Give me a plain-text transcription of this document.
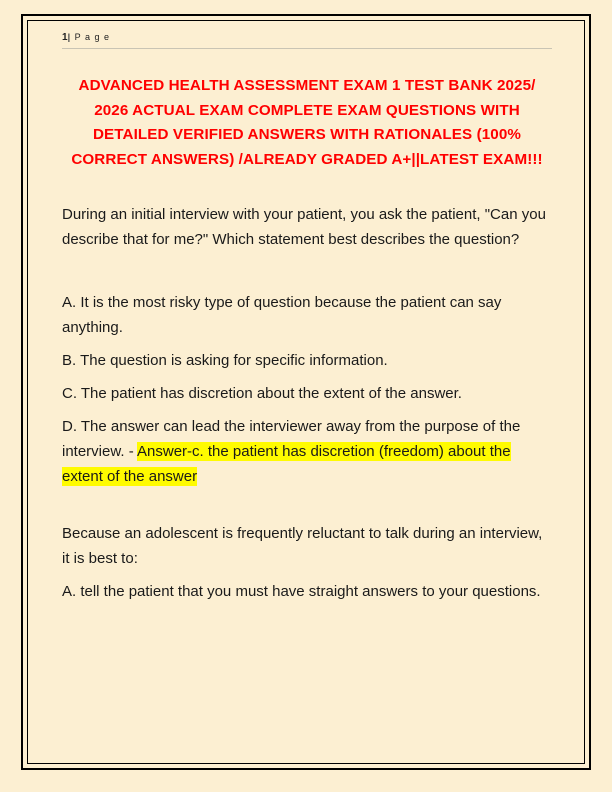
1| P a g e
ADVANCED HEALTH ASSESSMENT EXAM 1 TEST BANK 2025/ 2026 ACTUAL EXAM COMPLETE EXAM QUESTIONS WITH DETAILED VERIFIED ANSWERS WITH RATIONALES (100% CORRECT ANSWERS) /ALREADY GRADED A+||LATEST EXAM!!!
During an initial interview with your patient, you ask the patient, "Can you describe that for me?" Which statement best describes the question?
A. It is the most risky type of question because the patient can say anything.
B. The question is asking for specific information.
C. The patient has discretion about the extent of the answer.
D. The answer can lead the interviewer away from the purpose of the interview. - Answer-c. the patient has discretion (freedom) about the extent of the answer
Because an adolescent is frequently reluctant to talk during an interview, it is best to:
A. tell the patient that you must have straight answers to your questions.
